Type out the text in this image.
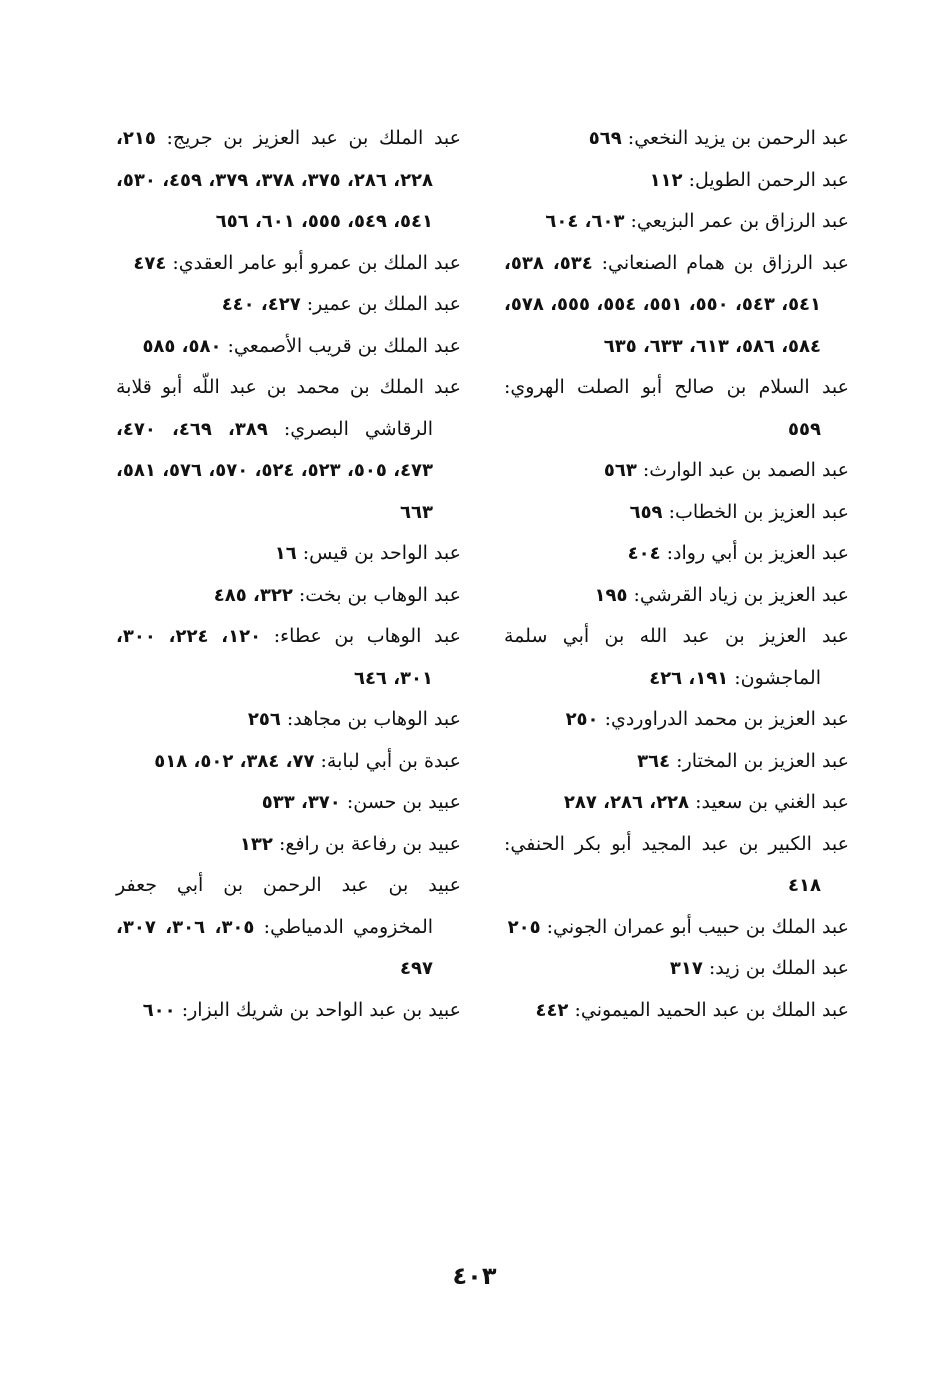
عبد الرحمن بن يزيد النخعي: ٥٦٩
عبد الرحمن الطويل: ١١٢
عبد الرزاق بن عمر البزيعي: ٦٠٣، ٦٠٤
عبد الرزاق بن همام الصنعاني: ٥٣٤، ٥٣٨، ٥٤١، ٥٤٣، ٥٥٠، ٥٥١، ٥٥٤، ٥٥٥، ٥٧٨، ٥٨٤، ٥٨٦، ٦١٣، ٦٣٣، ٦٣٥
عبد السلام بن صالح أبو الصلت الهروي: ٥٥٩
عبد الصمد بن عبد الوارث: ٥٦٣
عبد العزيز بن الخطاب: ٦٥٩
عبد العزيز بن أبي رواد: ٤٠٤
عبد العزيز بن زياد القرشي: ١٩٥
عبد العزيز بن عبد الله بن أبي سلمة الماجشون: ١٩١، ٤٢٦
عبد العزيز بن محمد الدراوردي: ٢٥٠
عبد العزيز بن المختار: ٣٦٤
عبد الغني بن سعيد: ٢٢٨، ٢٨٦، ٢٨٧
عبد الكبير بن عبد المجيد أبو بكر الحنفي: ٤١٨
عبد الملك بن حبيب أبو عمران الجوني: ٢٠٥
عبد الملك بن زيد: ٣١٧
عبد الملك بن عبد الحميد الميموني: ٤٤٢
عبد الملك بن عبد العزيز بن جريج: ٢١٥، ٢٢٨، ٢٨٦، ٣٧٥، ٣٧٨، ٣٧٩، ٤٥٩، ٥٣٠، ٥٤١، ٥٤٩، ٥٥٥، ٦٠١، ٦٥٦
عبد الملك بن عمرو أبو عامر العقدي: ٤٧٤
عبد الملك بن عمير: ٤٢٧، ٤٤٠
عبد الملك بن قريب الأصمعي: ٥٨٠، ٥٨٥
عبد الملك بن محمد بن عبد اللّه أبو قلابة الرقاشي البصري: ٣٨٩، ٤٦٩، ٤٧٠، ٤٧٣، ٥٠٥، ٥٢٣، ٥٢٤، ٥٧٠، ٥٧٦، ٥٨١، ٦٦٣
عبد الواحد بن قيس: ١٦
عبد الوهاب بن بخت: ٣٢٢، ٤٨٥
عبد الوهاب بن عطاء: ١٢٠، ٢٢٤، ٣٠٠، ٣٠١، ٦٤٦
عبد الوهاب بن مجاهد: ٢٥٦
عبدة بن أبي لبابة: ٧٧، ٣٨٤، ٥٠٢، ٥١٨
عبيد بن حسن: ٣٧٠، ٥٣٣
عبيد بن رفاعة بن رافع: ١٣٢
عبيد بن عبد الرحمن بن أبي جعفر المخزومي الدمياطي: ٣٠٥، ٣٠٦، ٣٠٧، ٤٩٧
عبيد بن عبد الواحد بن شريك البزار: ٦٠٠
٤٠٣
